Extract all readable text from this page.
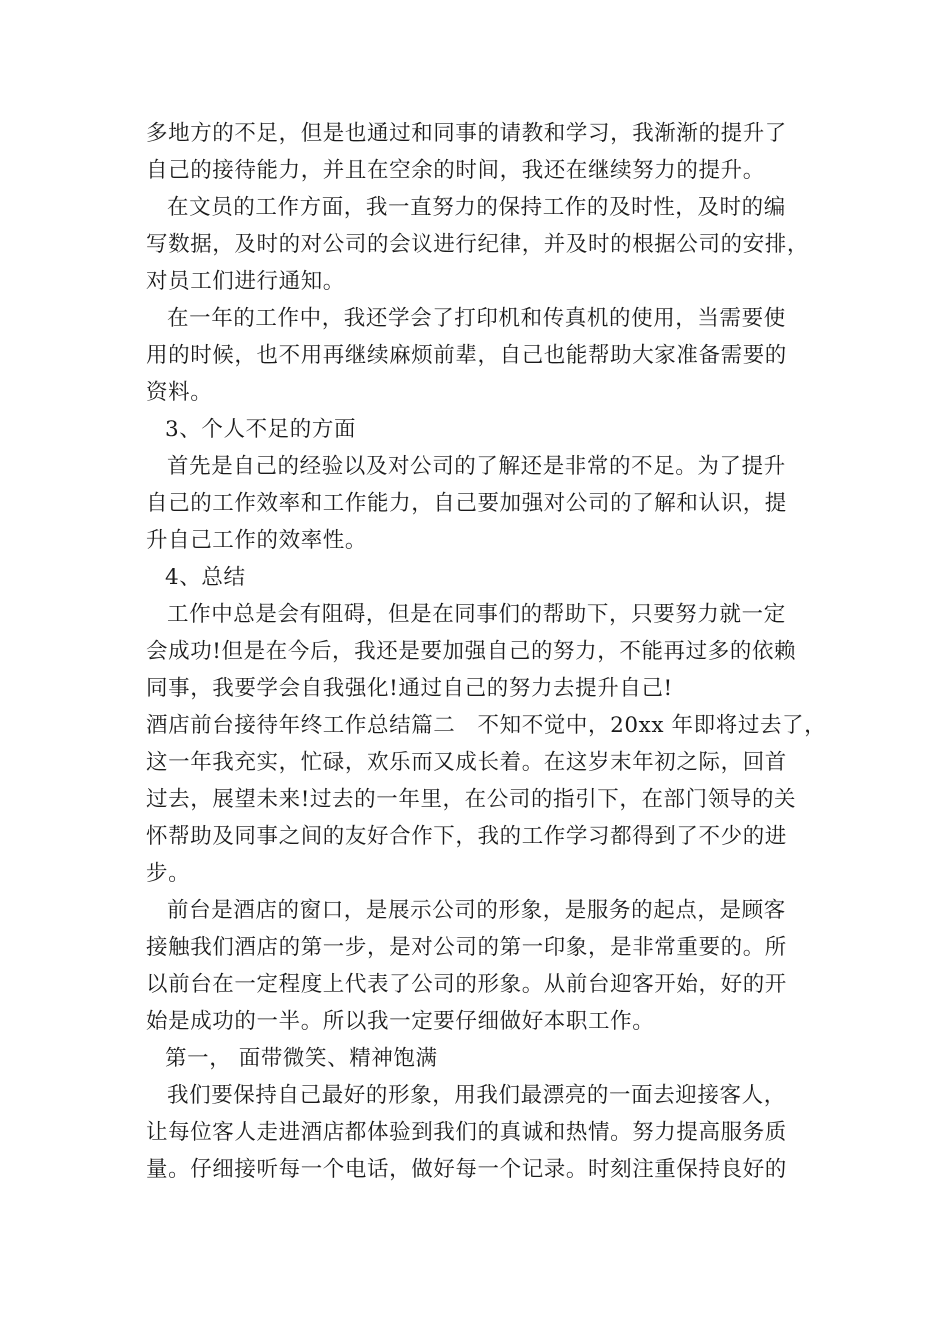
多地方的不足，但是也通过和同事的请教和学习，我渐渐的提升了
自己的接待能力，并且在空余的时间，我还在继续努力的提升。
在文员的工作方面，我一直努力的保持工作的及时性，及时的编
写数据，及时的对公司的会议进行纪律，并及时的根据公司的安排，
对员工们进行通知。
在一年的工作中，我还学会了打印机和传真机的使用，当需要使
用的时候，也不用再继续麻烦前辈，自己也能帮助大家准备需要的
资料。
3、个人不足的方面
首先是自己的经验以及对公司的了解还是非常的不足。为了提升
自己的工作效率和工作能力，自己要加强对公司的了解和认识，提
升自己工作的效率性。
4、总结
工作中总是会有阻碍，但是在同事们的帮助下，只要努力就一定
会成功!但是在今后，我还是要加强自己的努力，不能再过多的依赖
同事，我要学会自我强化!通过自己的努力去提升自己!
酒店前台接待年终工作总结篇二　不知不觉中，20xx 年即将过去了，
这一年我充实，忙碌，欢乐而又成长着。在这岁末年初之际，回首
过去，展望未来!过去的一年里，在公司的指引下，在部门领导的关
怀帮助及同事之间的友好合作下，我的工作学习都得到了不少的进
步。
前台是酒店的窗口，是展示公司的形象，是服务的起点，是顾客
接触我们酒店的第一步，是对公司的第一印象，是非常重要的。所
以前台在一定程度上代表了公司的形象。从前台迎客开始，好的开
始是成功的一半。所以我一定要仔细做好本职工作。
第一， 面带微笑、精神饱满
我们要保持自己最好的形象，用我们最漂亮的一面去迎接客人，
让每位客人走进酒店都体验到我们的真诚和热情。努力提高服务质
量。仔细接听每一个电话，做好每一个记录。时刻注重保持良好的
